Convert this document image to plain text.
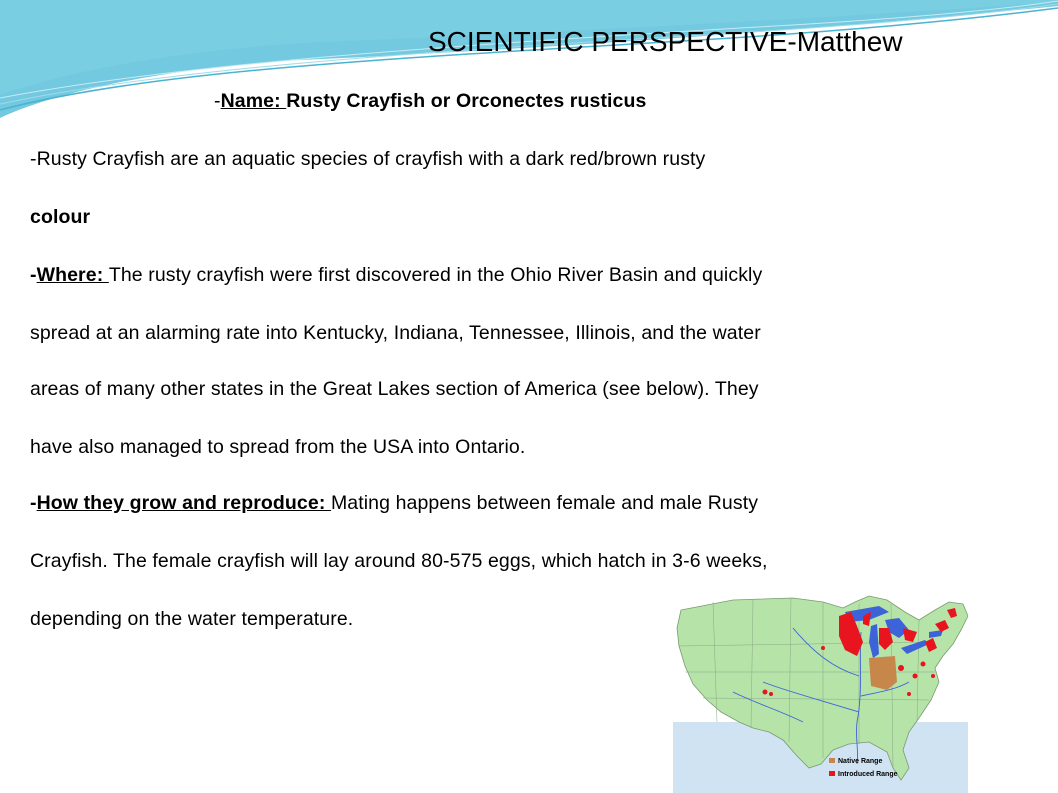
SCIENTIFIC PERSPECTIVE-Matthew
-Name: Rusty Crayfish or Orconectes rusticus
-Rusty Crayfish are an aquatic species of crayfish with a dark red/brown rusty
colour
-Where: The rusty crayfish were first discovered in the Ohio River Basin and quickly
spread at an alarming rate into Kentucky, Indiana, Tennessee, Illinois, and the water
areas of many other states in the Great Lakes section of America (see below). They
have also managed to spread from the USA into Ontario.
-How they grow and reproduce: Mating happens between female and male Rusty
Crayfish. The female crayfish will lay around 80-575 eggs, which hatch in 3-6 weeks,
depending on the water temperature.
Native Range
Introduced Range
